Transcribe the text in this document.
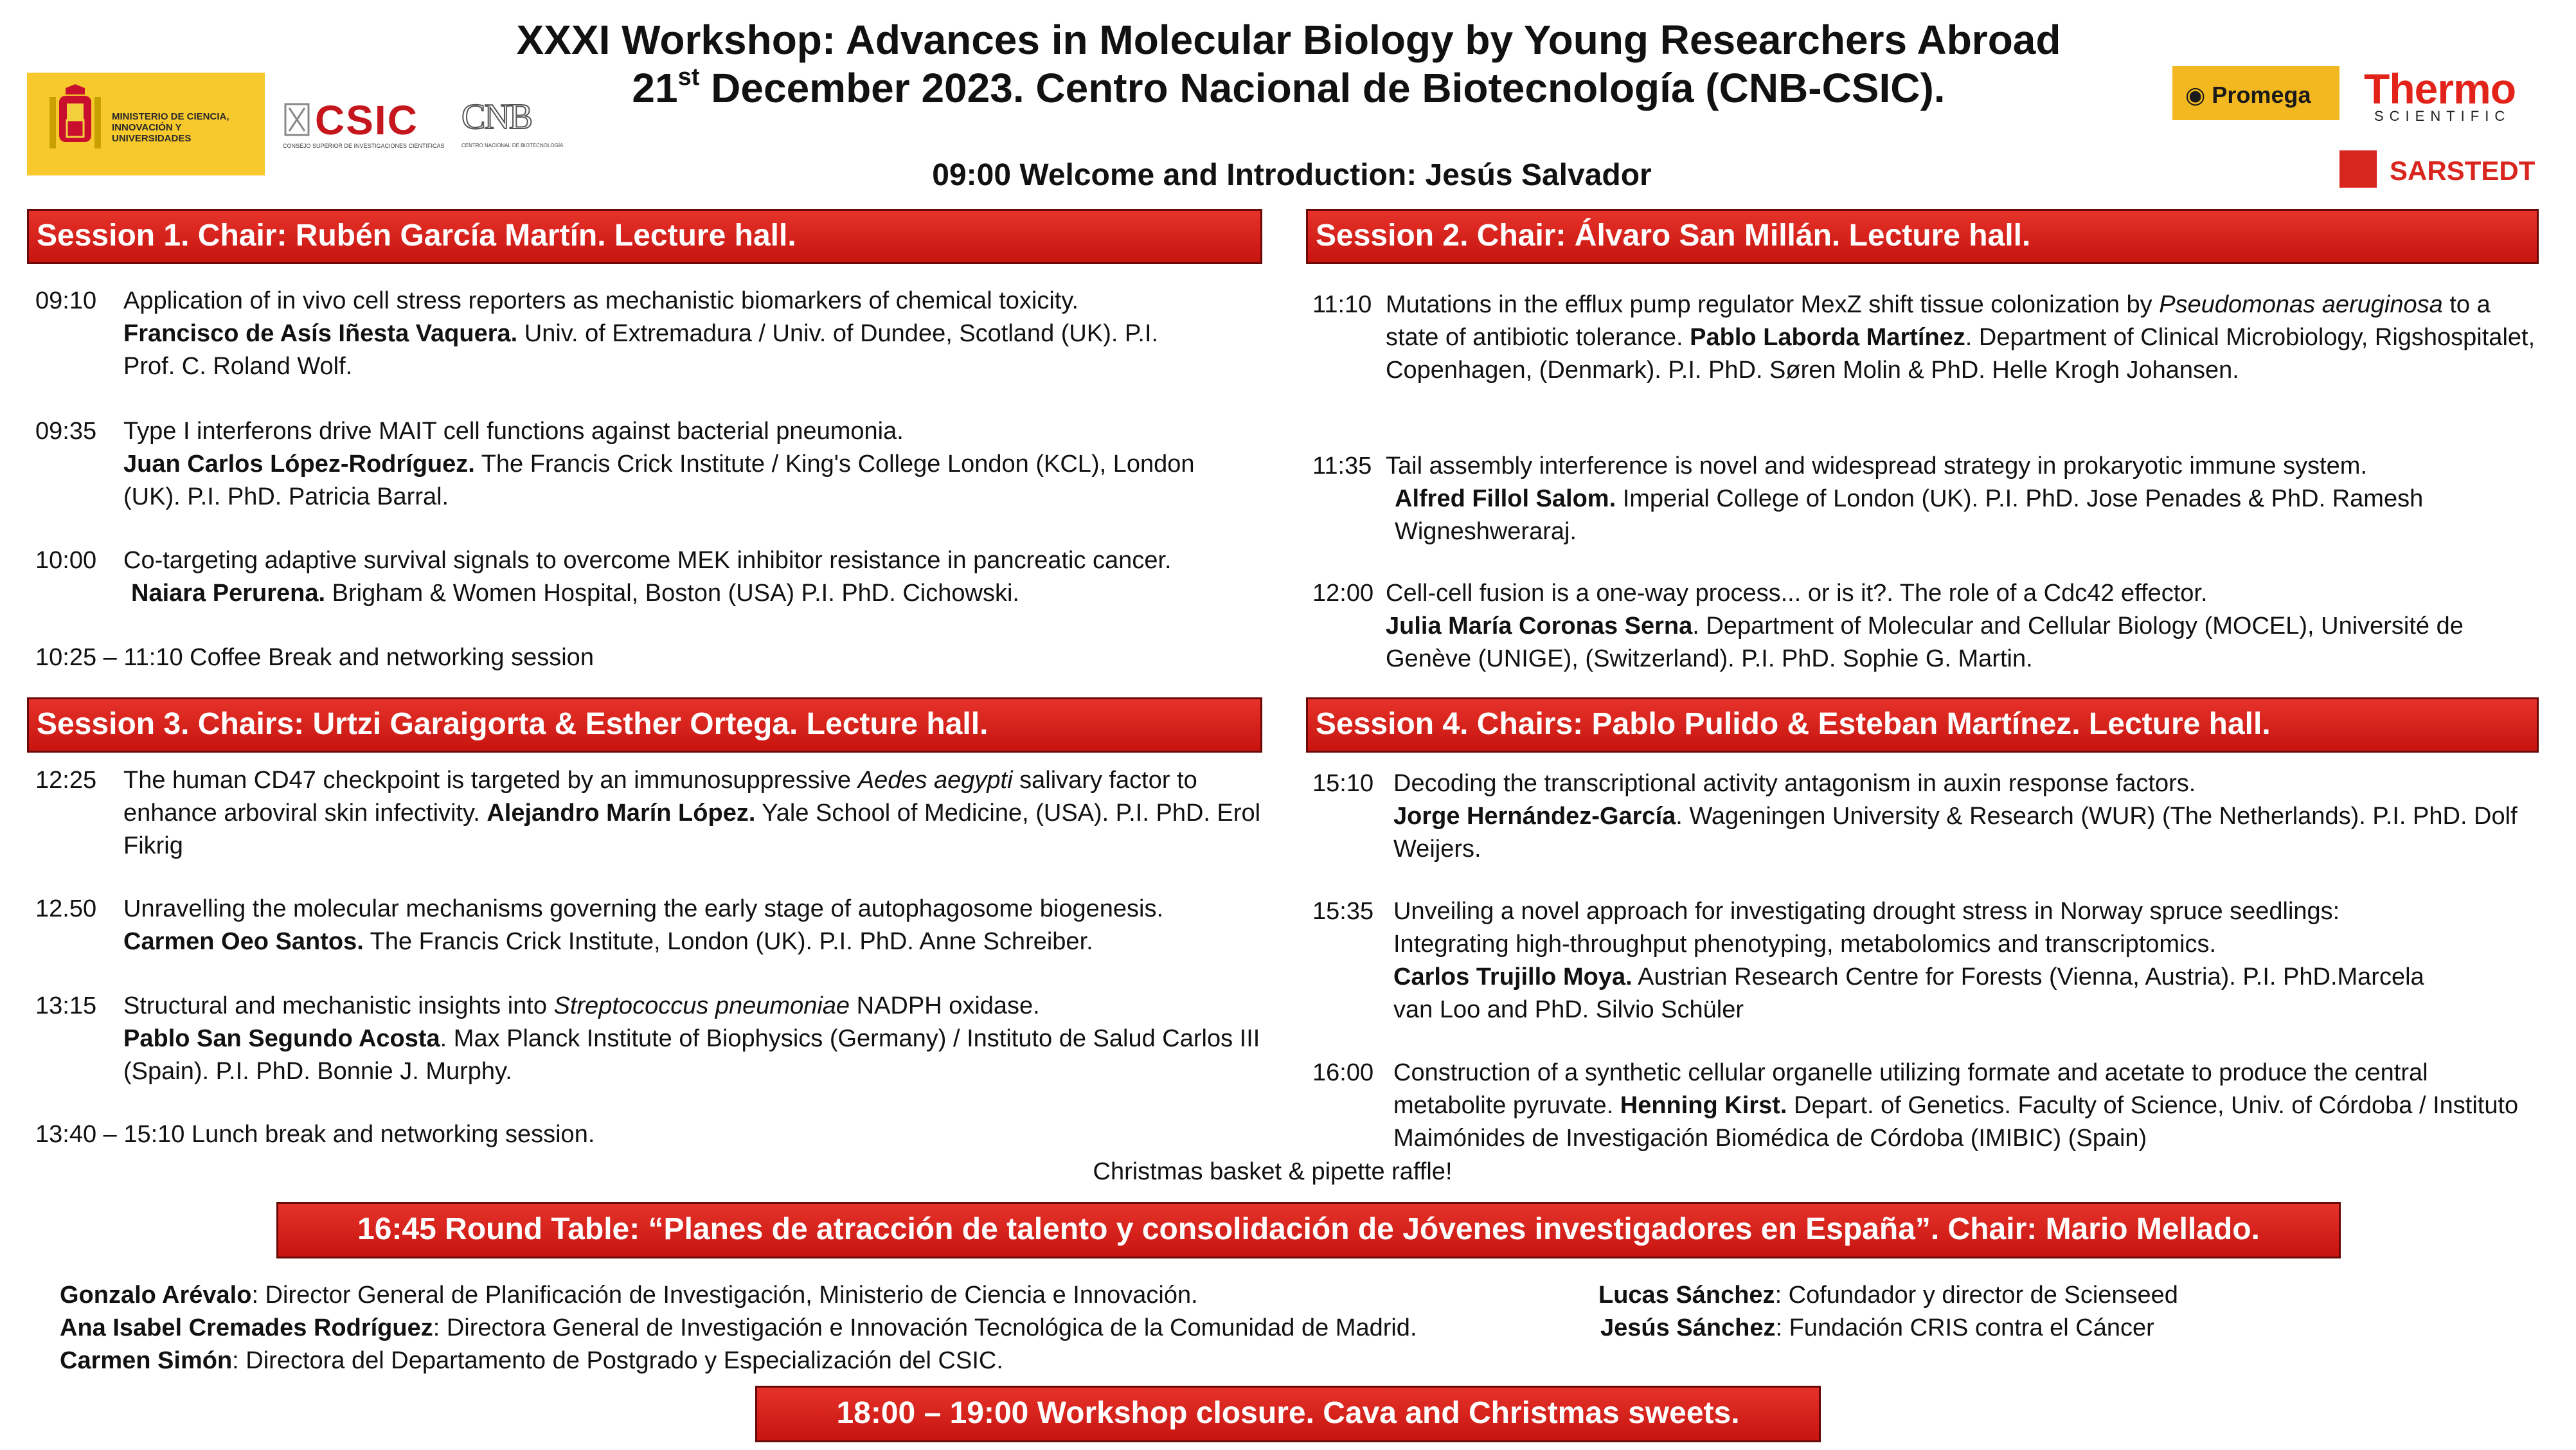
XXXI Workshop: Advances in Molecular Biology by Young Researchers Abroad
21st December 2023. Centro Nacional de Biotecnología (CNB-CSIC).
09:00 Welcome and Introduction: Jesús Salvador
MINISTERIO DE CIENCIA, INNOVACIÓN Y UNIVERSIDADES	CSIC
CONSEJO SUPERIOR DE INVESTIGACIONES CIENTÍFICAS
CNB
CENTRO NACIONAL DE BIOTECNOLOGÍA
◉ Promega Thermo
SCIENTIFIC
SARSTEDT
Session 1. Chair: Rubén García Martín. Lecture hall.
09:10 Application of in vivo cell stress reporters as mechanistic biomarkers of chemical toxicity.
Francisco de Asís Iñesta Vaquera. Univ. of Extremadura / Univ. of Dundee, Scotland (UK). P.I. Prof. C. Roland Wolf.
09:35 Type I interferons drive MAIT cell functions against bacterial pneumonia.
Juan Carlos López-Rodríguez. The Francis Crick Institute / King's College London (KCL), London (UK). P.I. PhD. Patricia Barral.
10:00 Co-targeting adaptive survival signals to overcome MEK inhibitor resistance in pancreatic cancer.
Naiara Perurena. Brigham & Women Hospital, Boston (USA) P.I. PhD. Cichowski.
10:25 – 11:10 Coffee Break and networking session
Session 2. Chair: Álvaro San Millán. Lecture hall.
11:10 Mutations in the efflux pump regulator MexZ shift tissue colonization by Pseudomonas aeruginosa to a state of antibiotic tolerance. Pablo Laborda Martínez. Department of Clinical Microbiology, Rigshospitalet, Copenhagen, (Denmark). P.I. PhD. Søren Molin & PhD. Helle Krogh Johansen.
11:35 Tail assembly interference is novel and widespread strategy in prokaryotic immune system.

Alfred Fillol Salom. Imperial College of London (UK). P.I. PhD. Jose Penades & PhD. Ramesh Wigneshweraraj.
12:00 Cell-cell fusion is a one-way process... or is it?. The role of a Cdc42 effector.
Julia María Coronas Serna. Department of Molecular and Cellular Biology (MOCEL), Université de Genève (UNIGE), (Switzerland). P.I. PhD. Sophie G. Martin.
Session 3. Chairs: Urtzi Garaigorta & Esther Ortega. Lecture hall.
12:25 The human CD47 checkpoint is targeted by an immunosuppressive Aedes aegypti salivary factor to enhance arboviral skin infectivity. Alejandro Marín López. Yale School of Medicine, (USA). P.I. PhD. Erol Fikrig
12.50 Unravelling the molecular mechanisms governing the early stage of autophagosome biogenesis.
Carmen Oeo Santos. The Francis Crick Institute, London (UK). P.I. PhD. Anne Schreiber.
13:15 Structural and mechanistic insights into Streptococcus pneumoniae NADPH oxidase.
Pablo San Segundo Acosta. Max Planck Institute of Biophysics (Germany) / Instituto de Salud Carlos III (Spain). P.I. PhD. Bonnie J. Murphy.
13:40 – 15:10 Lunch break and networking session.
Session 4. Chairs: Pablo Pulido & Esteban Martínez. Lecture hall.
15:10 Decoding the transcriptional activity antagonism in auxin response factors.
Jorge Hernández-García. Wageningen University & Research (WUR) (The Netherlands). P.I. PhD. Dolf Weijers.
15:35 Unveiling a novel approach for investigating drought stress in Norway spruce seedlings: Integrating high-throughput phenotyping, metabolomics and transcriptomics.
Carlos Trujillo Moya. Austrian Research Centre for Forests (Vienna, Austria). P.I. PhD.Marcela van Loo and PhD. Silvio Schüler
16:00 Construction of a synthetic cellular organelle utilizing formate and acetate to produce the central metabolite pyruvate. Henning Kirst. Depart. of Genetics. Faculty of Science, Univ. of Córdoba / Instituto Maimónides de Investigación Biomédica de Córdoba (IMIBIC) (Spain)
Christmas basket & pipette raffle!
16:45 Round Table: “Planes de atracción de talento y consolidación de Jóvenes investigadores en España”. Chair: Mario Mellado.
Gonzalo Arévalo: Director General de Planificación de Investigación, Ministerio de Ciencia e Innovación.
Ana Isabel Cremades Rodríguez: Directora General de Investigación e Innovación Tecnológica de la Comunidad de Madrid.
Carmen Simón: Directora del Departamento de Postgrado y Especialización del CSIC.
Lucas Sánchez: Cofundador y director de Scienseed
Jesús Sánchez: Fundación CRIS contra el Cáncer
18:00 – 19:00 Workshop closure. Cava and Christmas sweets.
